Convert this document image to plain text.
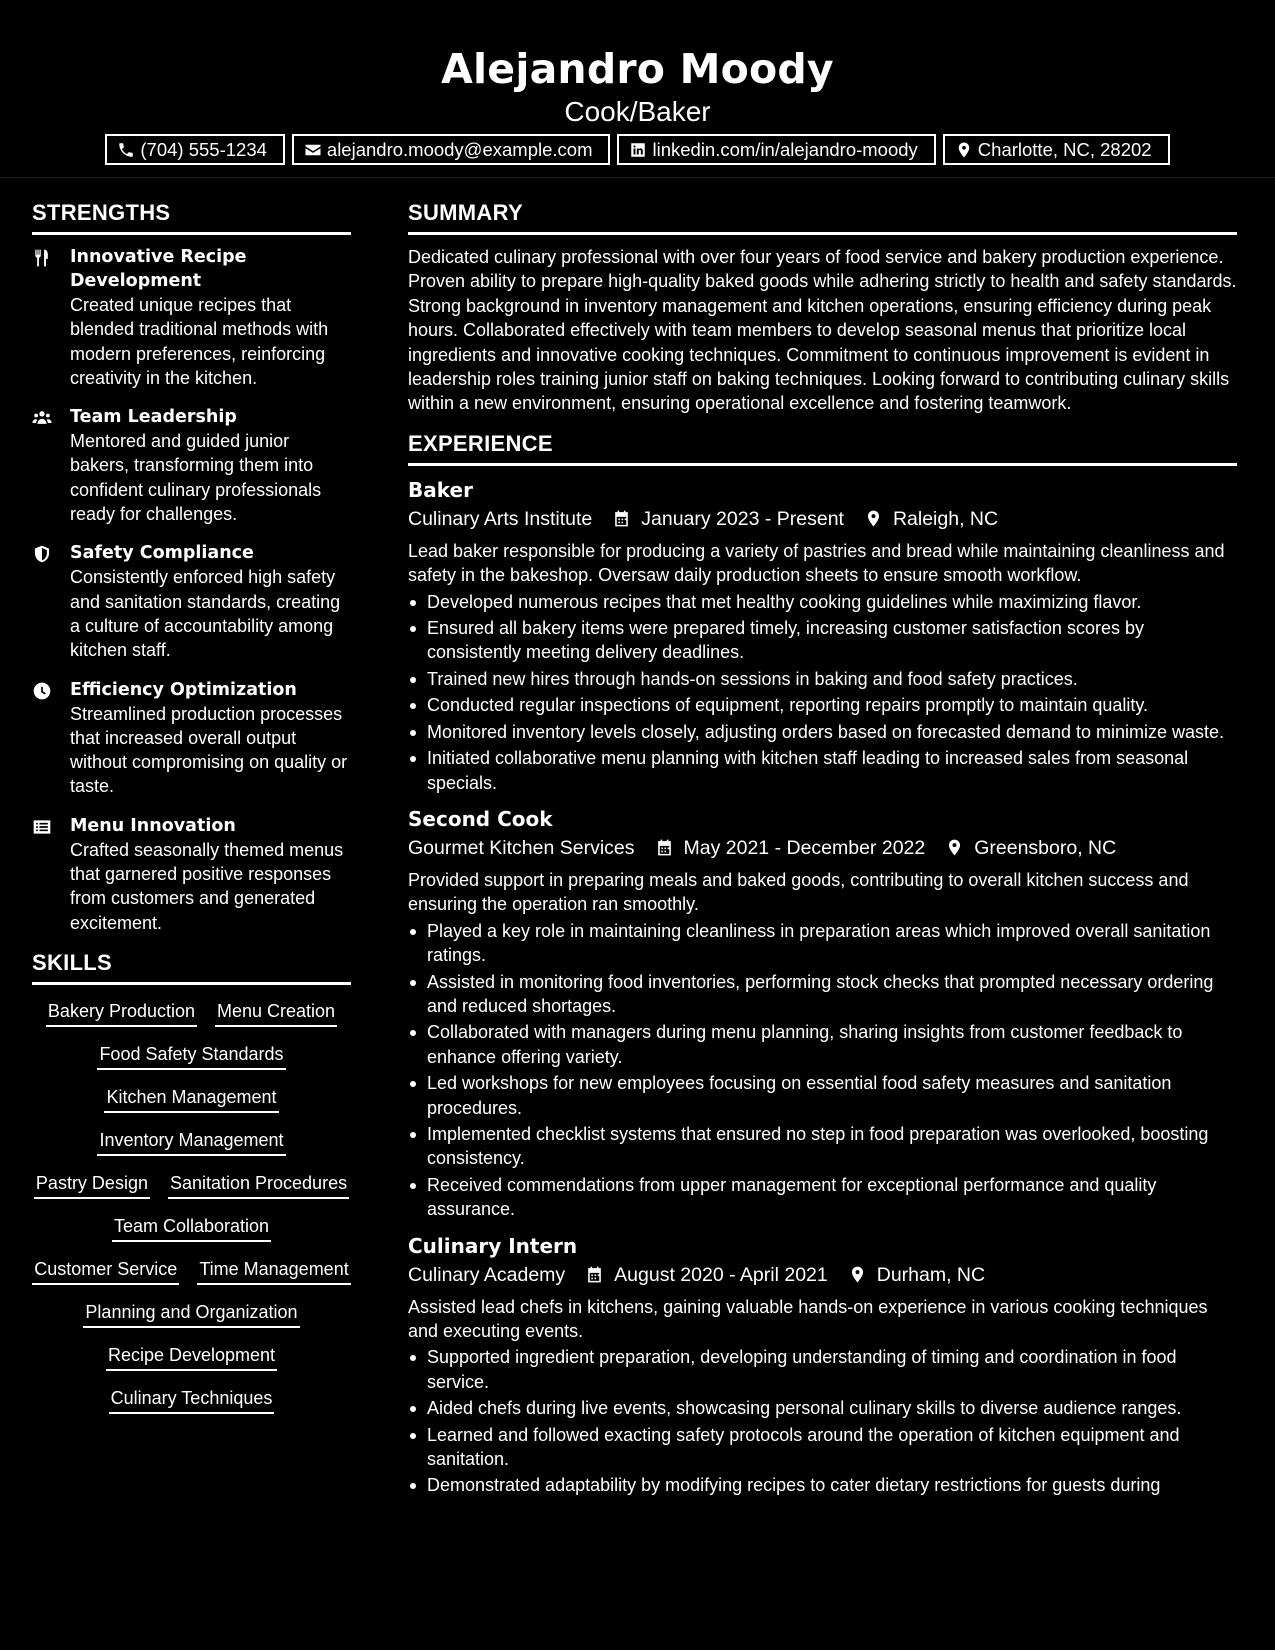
Alejandro Moody
Cook/Baker
(704) 555-1234	alejandro.moody@example.com	linkedin.com/in/alejandro-moody	Charlotte, NC, 28202
STRENGTHS
Innovative Recipe Development
Created unique recipes that blended traditional methods with modern preferences, reinforcing creativity in the kitchen.
Team Leadership
Mentored and guided junior bakers, transforming them into confident culinary professionals ready for challenges.
Safety Compliance
Consistently enforced high safety and sanitation standards, creating a culture of accountability among kitchen staff.
Efficiency Optimization
Streamlined production processes that increased overall output without compromising on quality or taste.
Menu Innovation
Crafted seasonally themed menus that garnered positive responses from customers and generated excitement.
SKILLS
Bakery Production Menu Creation
Food Safety Standards
Kitchen Management
Inventory Management
Pastry Design Sanitation Procedures
Team Collaboration
Customer Service Time Management
Planning and Organization
Recipe Development
Culinary Techniques
SUMMARY

Dedicated culinary professional with over four years of food service and bakery production experience. Proven ability to prepare high-quality baked goods while adhering strictly to health and safety standards. Strong background in inventory management and kitchen operations, ensuring efficiency during peak hours. Collaborated effectively with team members to develop seasonal menus that prioritize local ingredients and innovative cooking techniques. Commitment to continuous improvement is evident in leadership roles training junior staff on baking techniques. Looking forward to contributing culinary skills within a new environment, ensuring operational excellence and fostering teamwork.

EXPERIENCE
Baker
Culinary Arts Institute	January 2023 - Present	Raleigh, NC

Lead baker responsible for producing a variety of pastries and bread while maintaining cleanliness and safety in the bakeshop. Oversaw daily production sheets to ensure smooth workflow.

Developed numerous recipes that met healthy cooking guidelines while maximizing flavor.
Ensured all bakery items were prepared timely, increasing customer satisfaction scores by consistently meeting delivery deadlines.
Trained new hires through hands-on sessions in baking and food safety practices.
Conducted regular inspections of equipment, reporting repairs promptly to maintain quality.
Monitored inventory levels closely, adjusting orders based on forecasted demand to minimize waste.
Initiated collaborative menu planning with kitchen staff leading to increased sales from seasonal specials.
Second Cook
Gourmet Kitchen Services	May 2021 - December 2022	Greensboro, NC

Provided support in preparing meals and baked goods, contributing to overall kitchen success and ensuring the operation ran smoothly.

Played a key role in maintaining cleanliness in preparation areas which improved overall sanitation ratings.
Assisted in monitoring food inventories, performing stock checks that prompted necessary ordering and reduced shortages.
Collaborated with managers during menu planning, sharing insights from customer feedback to enhance offering variety.
Led workshops for new employees focusing on essential food safety measures and sanitation procedures.
Implemented checklist systems that ensured no step in food preparation was overlooked, boosting consistency.
Received commendations from upper management for exceptional performance and quality assurance.
Culinary Intern
Culinary Academy	August 2020 - April 2021	Durham, NC

Assisted lead chefs in kitchens, gaining valuable hands-on experience in various cooking techniques and executing events.

Supported ingredient preparation, developing understanding of timing and coordination in food service.
Aided chefs during live events, showcasing personal culinary skills to diverse audience ranges.
Learned and followed exacting safety protocols around the operation of kitchen equipment and sanitation.
Demonstrated adaptability by modifying recipes to cater dietary restrictions for guests during
